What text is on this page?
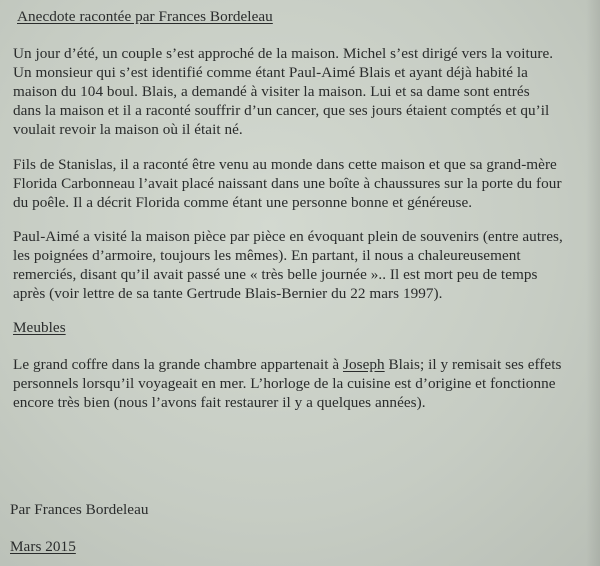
Anecdote racontée par Frances Bordeleau
Un jour d’été, un couple s’est approché de la maison. Michel s’est dirigé vers la voiture.
Un monsieur qui s’est identifié comme étant Paul-Aimé Blais et ayant déjà habité la
maison du 104 boul. Blais, a demandé à visiter la maison. Lui et sa dame sont entrés
dans la maison et il a raconté souffrir d’un cancer, que ses jours étaient comptés et qu’il
voulait revoir la maison où il était né.
Fils de Stanislas, il a raconté être venu au monde dans cette maison et que sa grand-mère
Florida Carbonneau l’avait placé naissant dans une boîte à chaussures sur la porte du four
du poêle. Il a décrit Florida comme étant une personne bonne et généreuse.
Paul-Aimé a visité la maison pièce par pièce en évoquant plein de souvenirs (entre autres,
les poignées d’armoire, toujours les mêmes). En partant, il nous a chaleureusement
remerciés, disant qu’il avait passé une « très belle journée ».. Il est mort peu de temps
après (voir lettre de sa tante Gertrude Blais-Bernier du 22 mars 1997).
Meubles
Le grand coffre dans la grande chambre appartenait à Joseph Blais; il y remisait ses effets
personnels lorsqu’il voyageait en mer. L’horloge de la cuisine est d’origine et fonctionne
encore très bien (nous l’avons fait restaurer il y a quelques années).
Par Frances Bordeleau
Mars 2015
